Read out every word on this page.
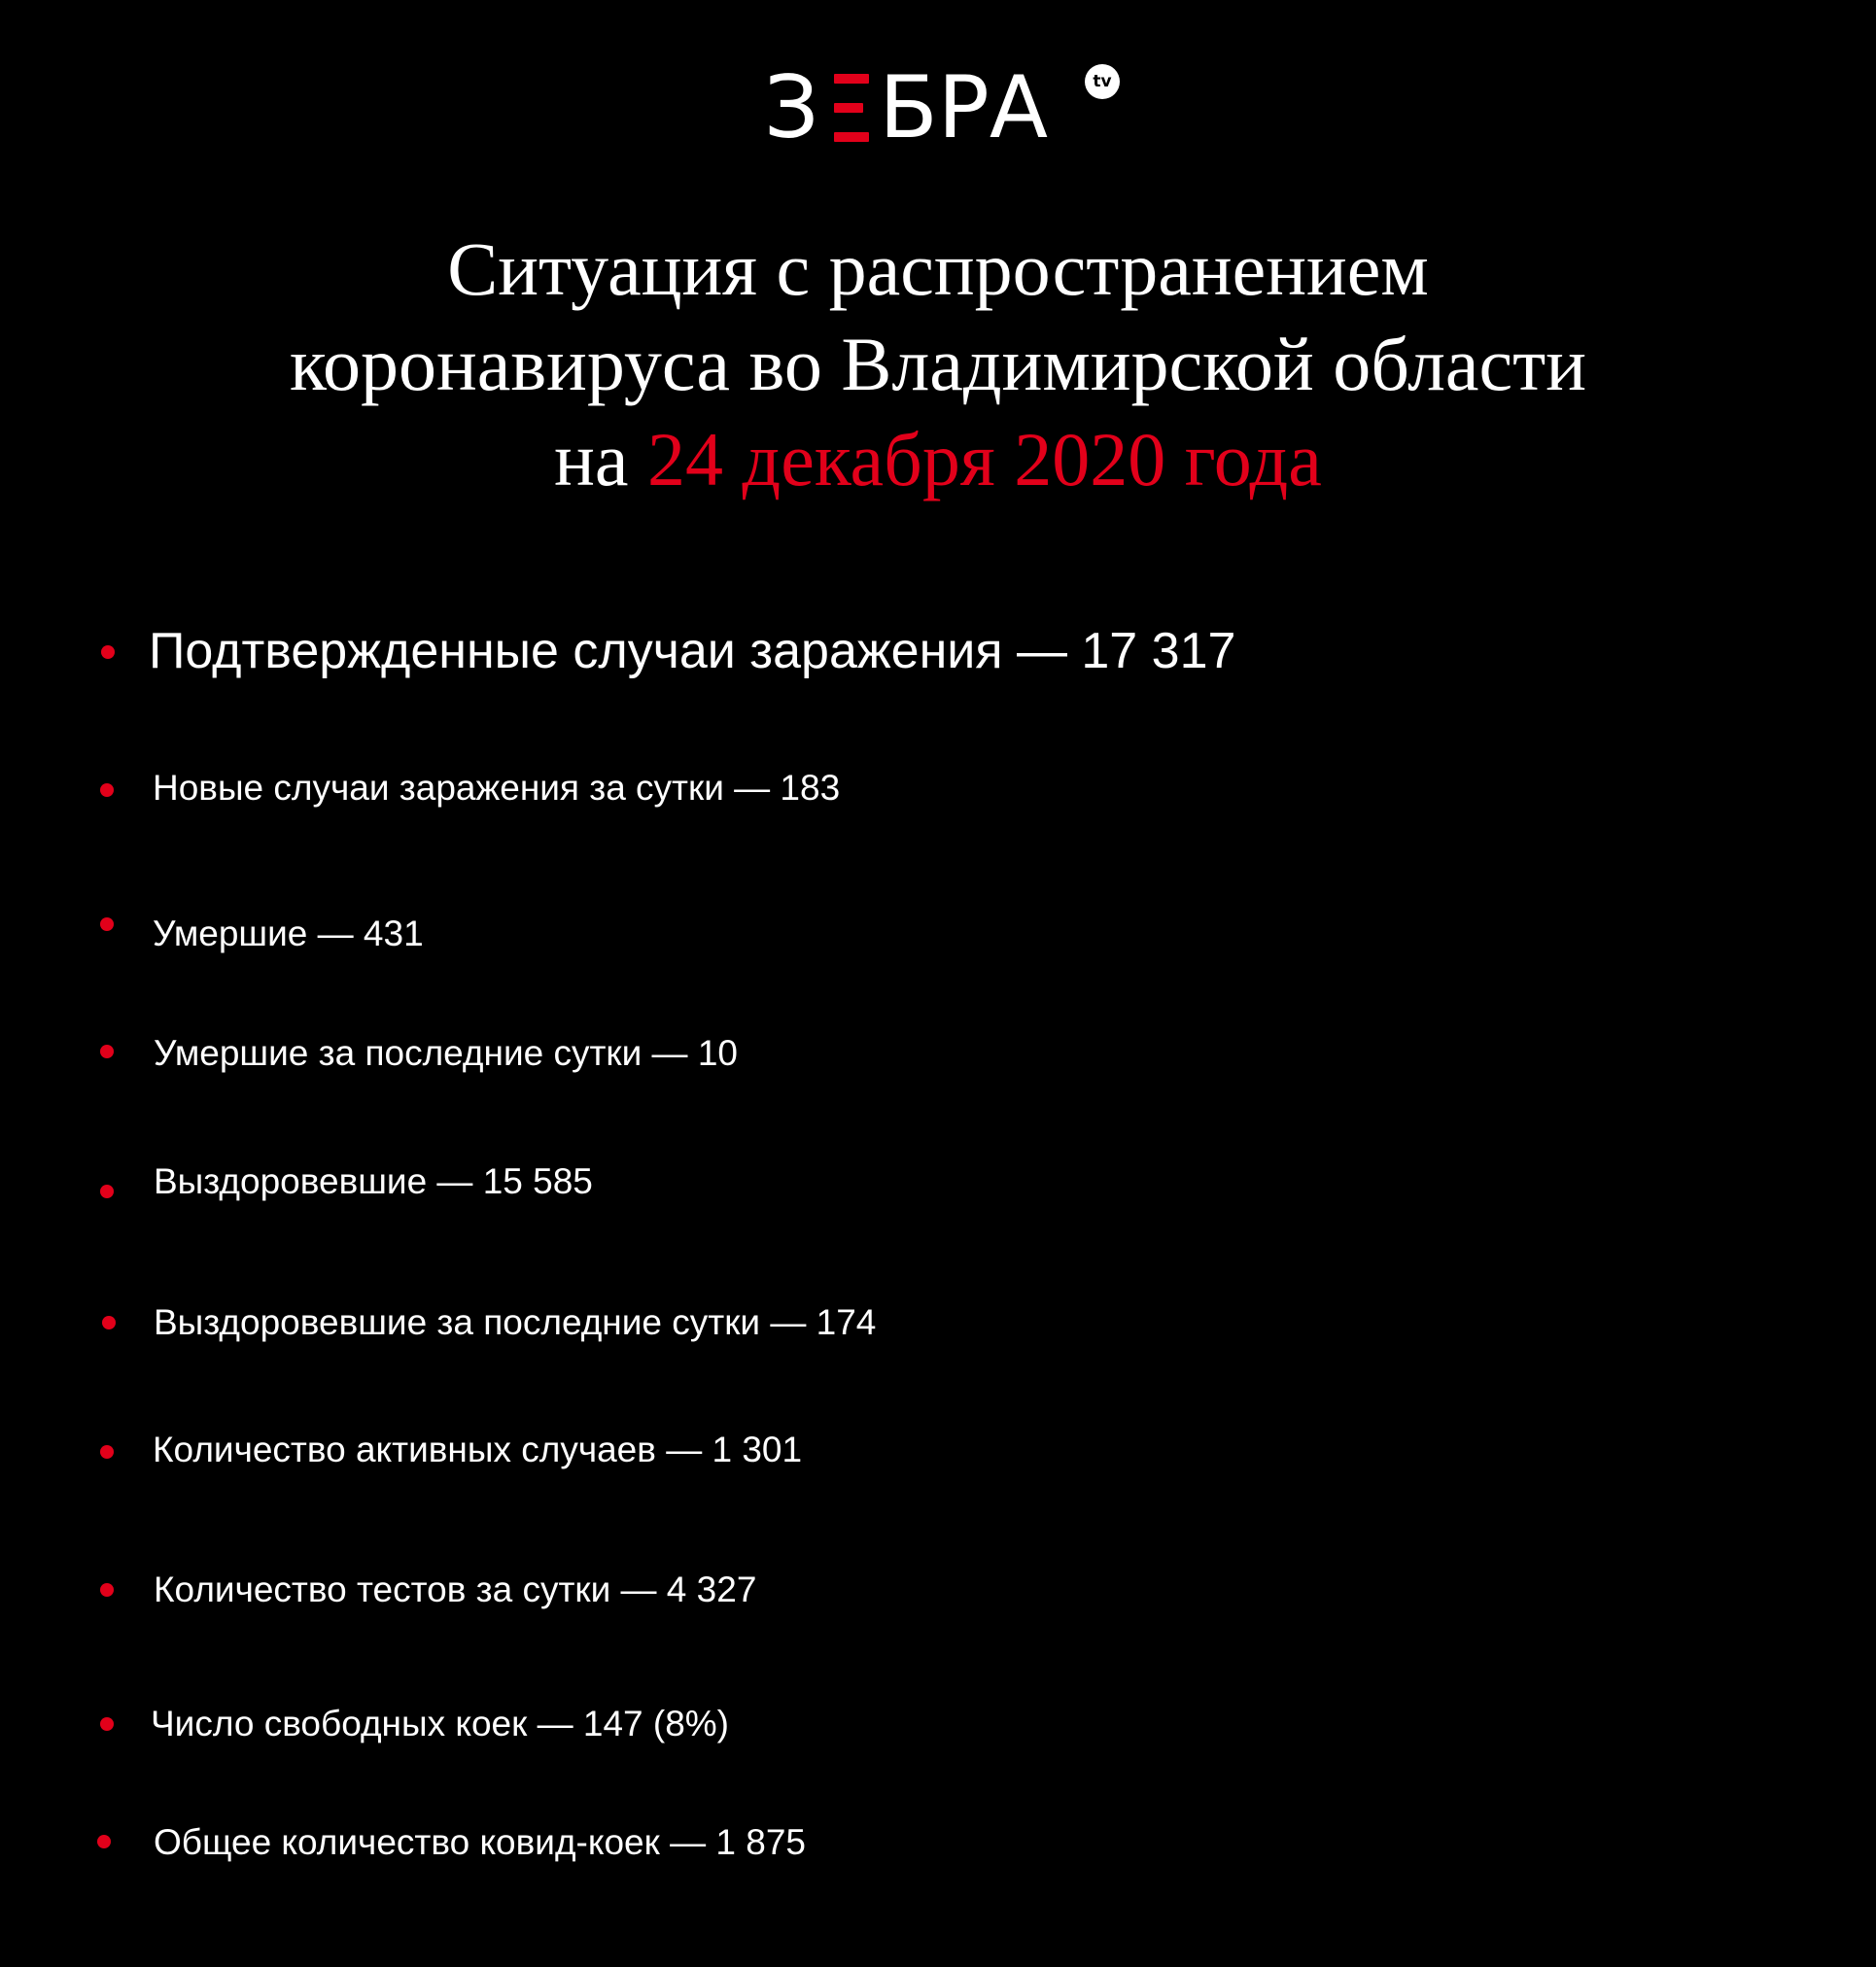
З БРА	tv
Ситуация с распространением
коронавируса во Владимирской области
на 24 декабря 2020 года
Подтвержденные случаи заражения — 17 317
Новые случаи заражения за сутки — 183
Умершие — 431
Умершие за последние сутки — 10
Выздоровевшие — 15 585
Выздоровевшие за последние сутки — 174
Количество активных случаев — 1 301
Количество тестов за сутки — 4 327
Число свободных коек — 147 (8%)
Общее количество ковид-коек — 1 875
